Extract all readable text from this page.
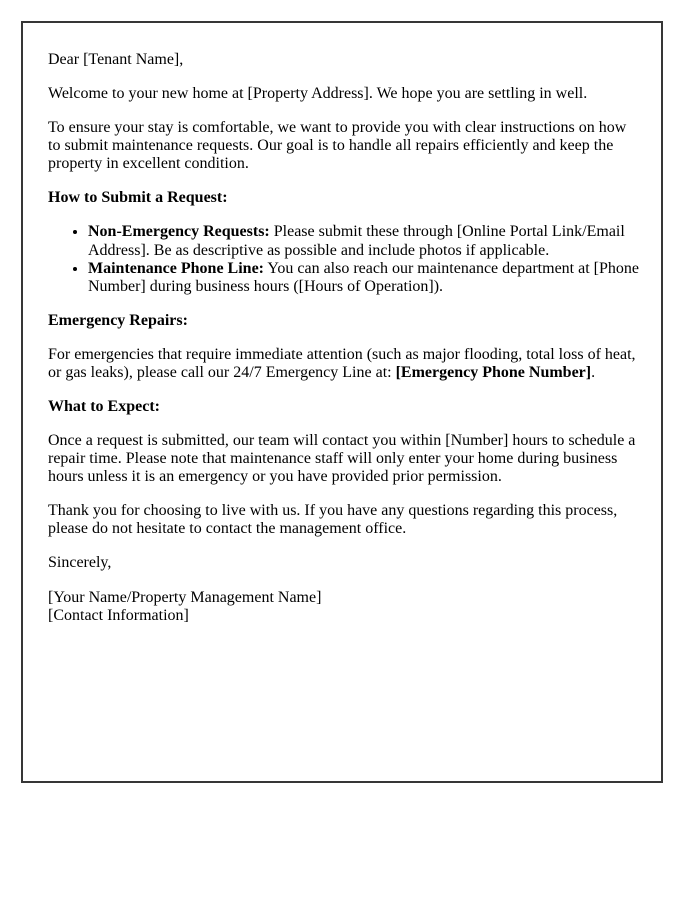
Dear [Tenant Name],

Welcome to your new home at [Property Address]. We hope you are settling in well.

To ensure your stay is comfortable, we want to provide you with clear instructions on how to submit maintenance requests. Our goal is to handle all repairs efficiently and keep the property in excellent condition.

How to Submit a Request:

• Non-Emergency Requests: Please submit these through [Online Portal Link/Email Address]. Be as descriptive as possible and include photos if applicable.
• Maintenance Phone Line: You can also reach our maintenance department at [Phone Number] during business hours ([Hours of Operation]).

Emergency Repairs:

For emergencies that require immediate attention (such as major flooding, total loss of heat, or gas leaks), please call our 24/7 Emergency Line at: [Emergency Phone Number].

What to Expect:

Once a request is submitted, our team will contact you within [Number] hours to schedule a repair time. Please note that maintenance staff will only enter your home during business hours unless it is an emergency or you have provided prior permission.

Thank you for choosing to live with us. If you have any questions regarding this process, please do not hesitate to contact the management office.

Sincerely,

[Your Name/Property Management Name]
[Contact Information]
